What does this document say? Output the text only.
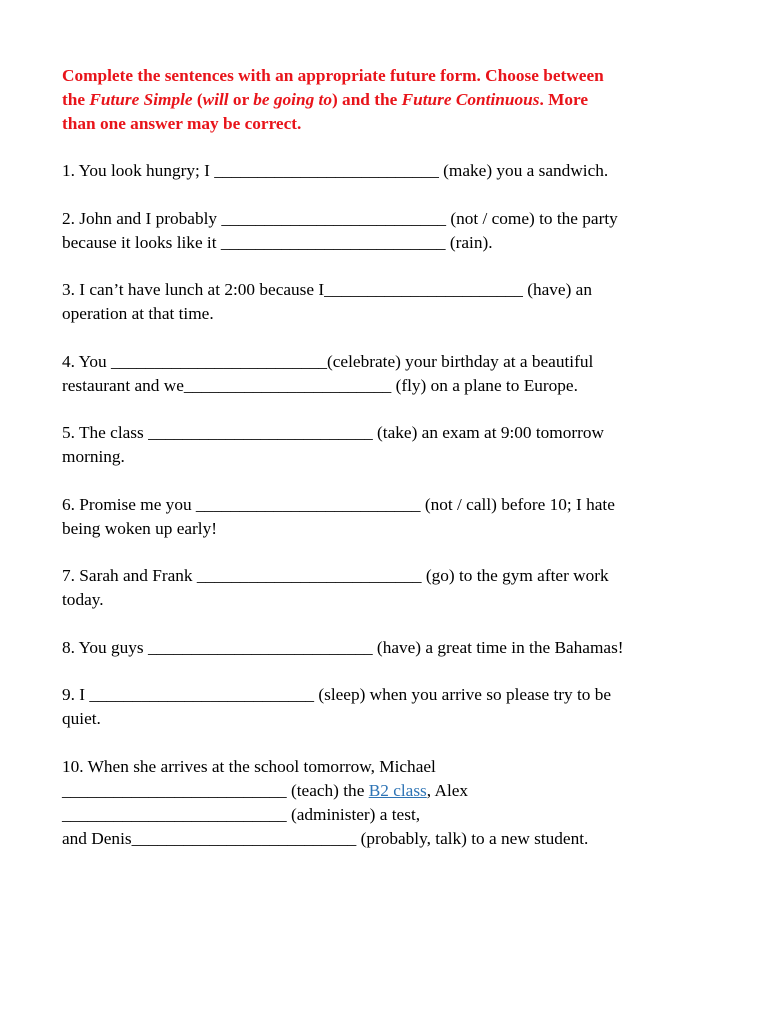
Complete the sentences with an appropriate future form. Choose between
the Future Simple (will or be going to) and the Future Continuous. More
than one answer may be correct.

1. You look hungry; I __________________________ (make) you a sandwich.
2. John and I probably __________________________ (not / come) to the party
because it looks like it __________________________ (rain).
3. I can’t have lunch at 2:00 because I_______________________ (have) an
operation at that time.
4. You _________________________(celebrate) your birthday at a beautiful
restaurant and we________________________ (fly) on a plane to Europe.
5. The class __________________________ (take) an exam at 9:00 tomorrow
morning.
6. Promise me you __________________________ (not / call) before 10; I hate
being woken up early!
7. Sarah and Frank __________________________ (go) to the gym after work
today.
8. You guys __________________________ (have) a great time in the Bahamas!
9. I __________________________ (sleep) when you arrive so please try to be
quiet.
10. When she arrives at the school tomorrow, Michael
__________________________ (teach) the B2 class, Alex
__________________________ (administer) a test,
and Denis__________________________ (probably, talk) to a new student.
